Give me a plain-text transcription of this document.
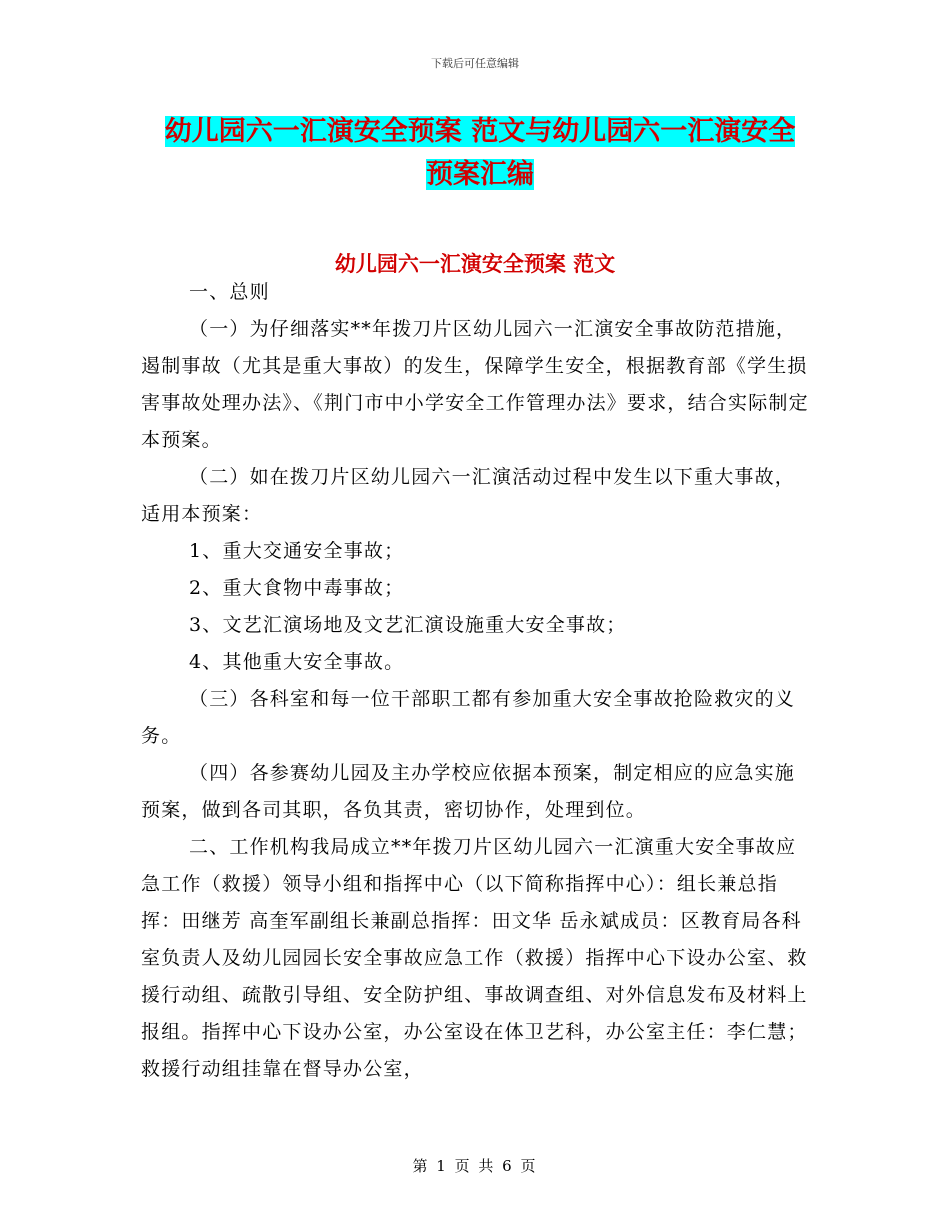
下载后可任意编辑
幼儿园六一汇演安全预案 范文与幼儿园六一汇演安全
预案汇编
幼儿园六一汇演安全预案 范文

一、总则

（一）为仔细落实**年拨刀片区幼儿园六一汇演安全事故防范措施，遏制事故（尤其是重大事故）的发生，保障学生安全，根据教育部《学生损害事故处理办法》、《荆门市中小学安全工作管理办法》要求，结合实际制定本预案。

（二）如在拨刀片区幼儿园六一汇演活动过程中发生以下重大事故，适用本预案：

1、重大交通安全事故；

2、重大食物中毒事故；

3、文艺汇演场地及文艺汇演设施重大安全事故；

4、其他重大安全事故。

（三）各科室和每一位干部职工都有参加重大安全事故抢险救灾的义务。

（四）各参赛幼儿园及主办学校应依据本预案，制定相应的应急实施预案，做到各司其职，各负其责，密切协作，处理到位。

二、工作机构我局成立**年拨刀片区幼儿园六一汇演重大安全事故应急工作（救援）领导小组和指挥中心（以下简称指挥中心）：组长兼总指挥：田继芳 高奎军副组长兼副总指挥：田文华 岳永斌成员：区教育局各科室负责人及幼儿园园长安全事故应急工作（救援）指挥中心下设办公室、救援行动组、疏散引导组、安全防护组、事故调查组、对外信息发布及材料上报组。指挥中心下设办公室，办公室设在体卫艺科，办公室主任：李仁慧；救援行动组挂靠在督导办公室，

第 1 页 共 6 页
